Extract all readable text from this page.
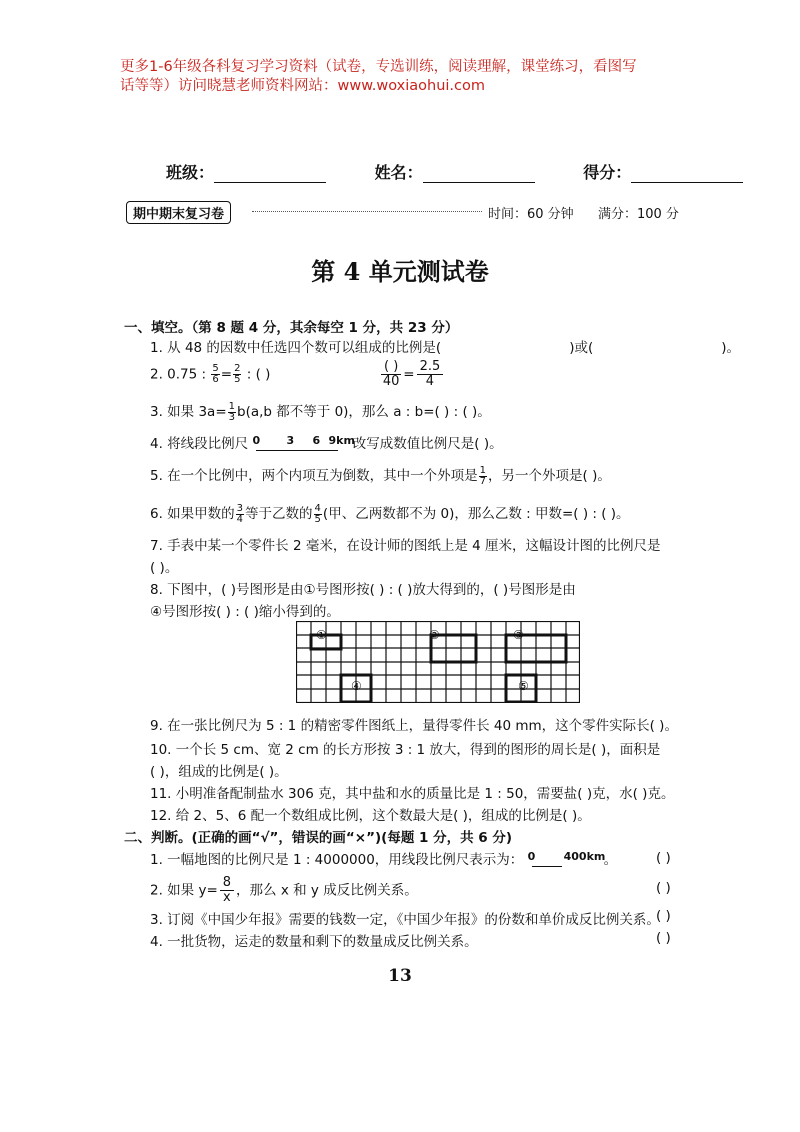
更多1-6年级各科复习学习资料（试卷，专选训练，阅读理解，课堂练习，看图写
话等等）访问晓慧老师资料网站：www.woxiaohui.com
班级：	姓名：	得分：
期中期末复习卷	时间：60 分钟 满分：100 分
第 4 单元测试卷
一、填空。（第 8 题 4 分，其余每空 1 分，共 23 分）
1. 从 48 的因数中任选四个数可以组成的比例是(	)或(	)。
2. 0.75 : $\frac{5}{6} = \frac{2}{5}$ : ( )	( )
$40 = \frac{2.5}{4}$
3. 如果 $3a= \frac{1}{3} b(a,b$ 都不等于 0)，那么 a : b=( ) : ( )。
4. 将线段比例尺 0 3 6 9km
改写成数值比例尺是( )。
5. 在一个比例中，两个内项互为倒数，其中一个外项是 $\frac{1}{7}$ ，另一个外项是( )。
6. 如果甲数的 $\frac{3}{4}$ 等于乙数的 $\frac{4}{5}$ (甲、乙两数都不为 0)，那么乙数 : 甲数=( ) : ( )。
7. 手表中某一个零件长 2 毫米，在设计师的图纸上是 4 厘米，这幅设计图的比例尺是
( )。
8. 下图中，( )号图形是由①号图形按( ) : ( )放大得到的，( )号图形是由
④号图形按( ) : ( )缩小得到的。
①	②	③
④	⑤
9. 在一张比例尺为 5 : 1 的精密零件图纸上，量得零件长 40 mm，这个零件实际长( )。
10. 一个长 5 cm、宽 2 cm 的长方形按 3 : 1 放大，得到的图形的周长是( )，面积是
( )，组成的比例是( )。
11. 小明准备配制盐水 306 克，其中盐和水的质量比是 1 : 50，需要盐( )克，水( )克。
12. 给 2、5、6 配一个数组成比例，这个数最大是( )，组成的比例是( )。
二、判断。(正确的画“√”，错误的画“×”)(每题 1 分，共 6 分)
1. 一幅地图的比例尺是 1 : 4000000，用线段比例尺表示为： 0	400km
。	( )
2. 如果 $y= \frac{8}{x}$ ，那么 x 和 y 成反比例关系。	( )
3. 订阅《中国少年报》需要的钱数一定，《中国少年报》的份数和单价成反比例关系。
( )
4. 一批货物，运走的数量和剩下的数量成反比例关系。	( )
13
